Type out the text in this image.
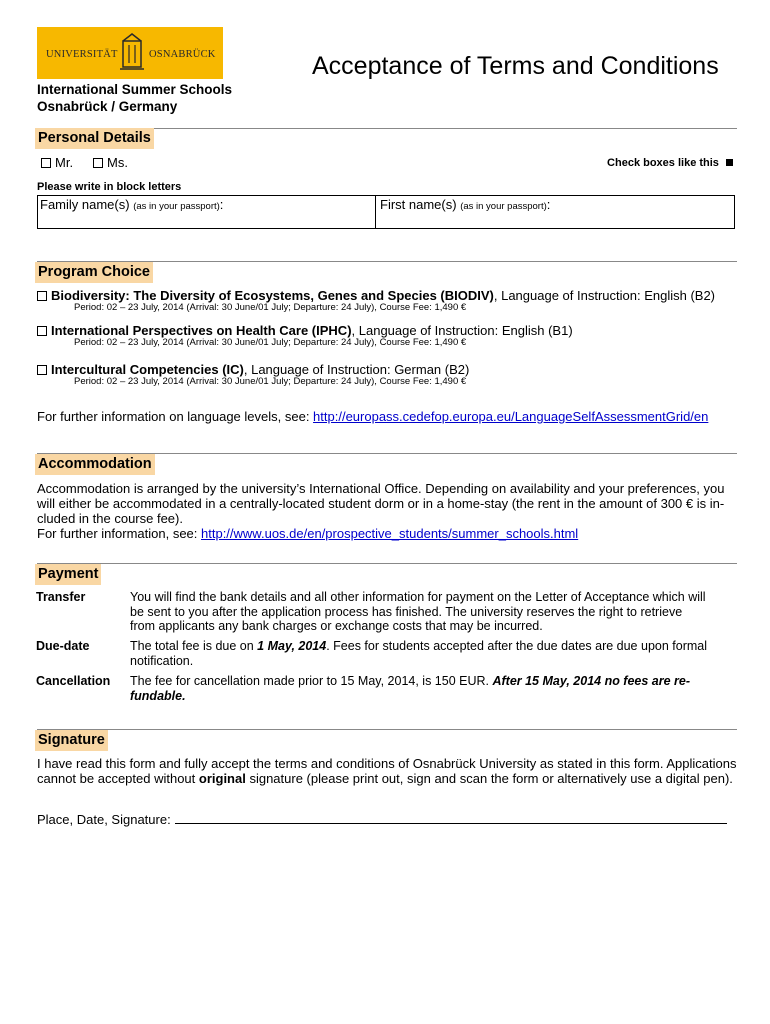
UNIVERSITÄT	OSNABRÜCK	Acceptance of Terms and Conditions
International Summer Schools
Osnabrück / Germany
Personal Details
Mr.	Ms.	Check boxes like this
Please write in block letters
Family name(s) (as in your passport):	First name(s) (as in your passport):
Program Choice
Biodiversity: The Diversity of Ecosystems, Genes and Species (BIODIV), Language of Instruction: English (B2)
Period: 02 – 23 July, 2014 (Arrival: 30 June/01 July; Departure: 24 July), Course Fee: 1,490 €
International Perspectives on Health Care (IPHC), Language of Instruction: English (B1)
Period: 02 – 23 July, 2014 (Arrival: 30 June/01 July; Departure: 24 July), Course Fee: 1,490 €
Intercultural Competencies (IC), Language of Instruction: German (B2)
Period: 02 – 23 July, 2014 (Arrival: 30 June/01 July; Departure: 24 July), Course Fee: 1,490 €
For further information on language levels, see: http://europass.cedefop.europa.eu/LanguageSelfAssessmentGrid/en
Accommodation
Accommodation is arranged by the university’s International Office. Depending on availability and your preferences, you
will either be accommodated in a centrally-located student dorm or in a home-stay (the rent in the amount of 300 € is in-
cluded in the course fee).
For further information, see: http://www.uos.de/en/prospective_students/summer_schools.html
Payment
Transfer	You will find the bank details and all other information for payment on the Letter of Acceptance which will
be sent to you after the application process has finished. The university reserves the right to retrieve
from applicants any bank charges or exchange costs that may be incurred.
Due-date	The total fee is due on 1 May, 2014. Fees for students accepted after the due dates are due upon formal
notification.
Cancellation The fee for cancellation made prior to 15 May, 2014, is 150 EUR. After 15 May, 2014 no fees are re-
fundable.
Signature
I have read this form and fully accept the terms and conditions of Osnabrück University as stated in this form. Applications
cannot be accepted without original signature (please print out, sign and scan the form or alternatively use a digital pen).
Place, Date, Signature:
